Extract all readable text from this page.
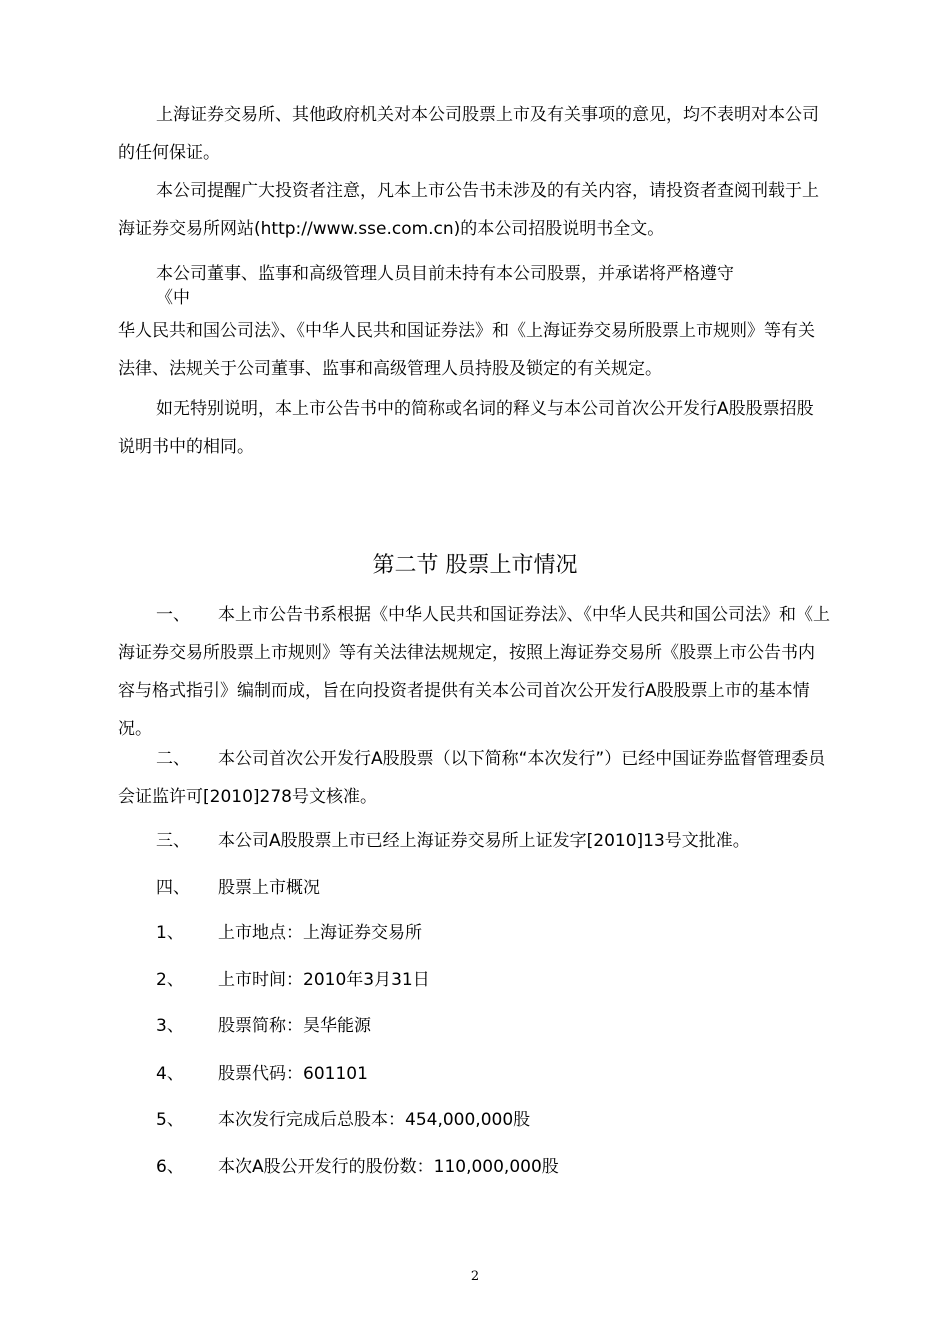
上海证券交易所、其他政府机关对本公司股票上市及有关事项的意见，均不表明对本公司的任何保证。

本公司提醒广大投资者注意，凡本上市公告书未涉及的有关内容，请投资者查阅刊载于上海证券交易所网站(http://www.sse.com.cn)的本公司招股说明书全文。

本公司董事、监事和高级管理人员目前未持有本公司股票，并承诺将严格遵守

《中

华人民共和国公司法》、《中华人民共和国证券法》和《上海证券交易所股票上市规则》等有关法律、法规关于公司董事、监事和高级管理人员持股及锁定的有关规定。

如无特别说明，本上市公告书中的简称或名词的释义与本公司首次公开发行A股股票招股说明书中的相同。

第二节 股票上市情况

一、 本上市公告书系根据《中华人民共和国证券法》、《中华人民共和国公司法》和《上海证券交易所股票上市规则》等有关法律法规规定，按照上海证券交易所《股票上市公告书内容与格式指引》编制而成，旨在向投资者提供有关本公司首次公开发行A股股票上市的基本情况。

二、 本公司首次公开发行A股股票（以下简称“本次发行”）已经中国证券监督管理委员会证监许可[2010]278号文核准。

三、 本公司A股股票上市已经上海证券交易所上证发字[2010]13号文批准。

四、 股票上市概况

1、 上市地点：上海证券交易所

2、 上市时间：2010年3月31日

3、 股票简称：昊华能源

4、 股票代码：601101

5、 本次发行完成后总股本：454,000,000股

6、 本次A股公开发行的股份数：110,000,000股

2
